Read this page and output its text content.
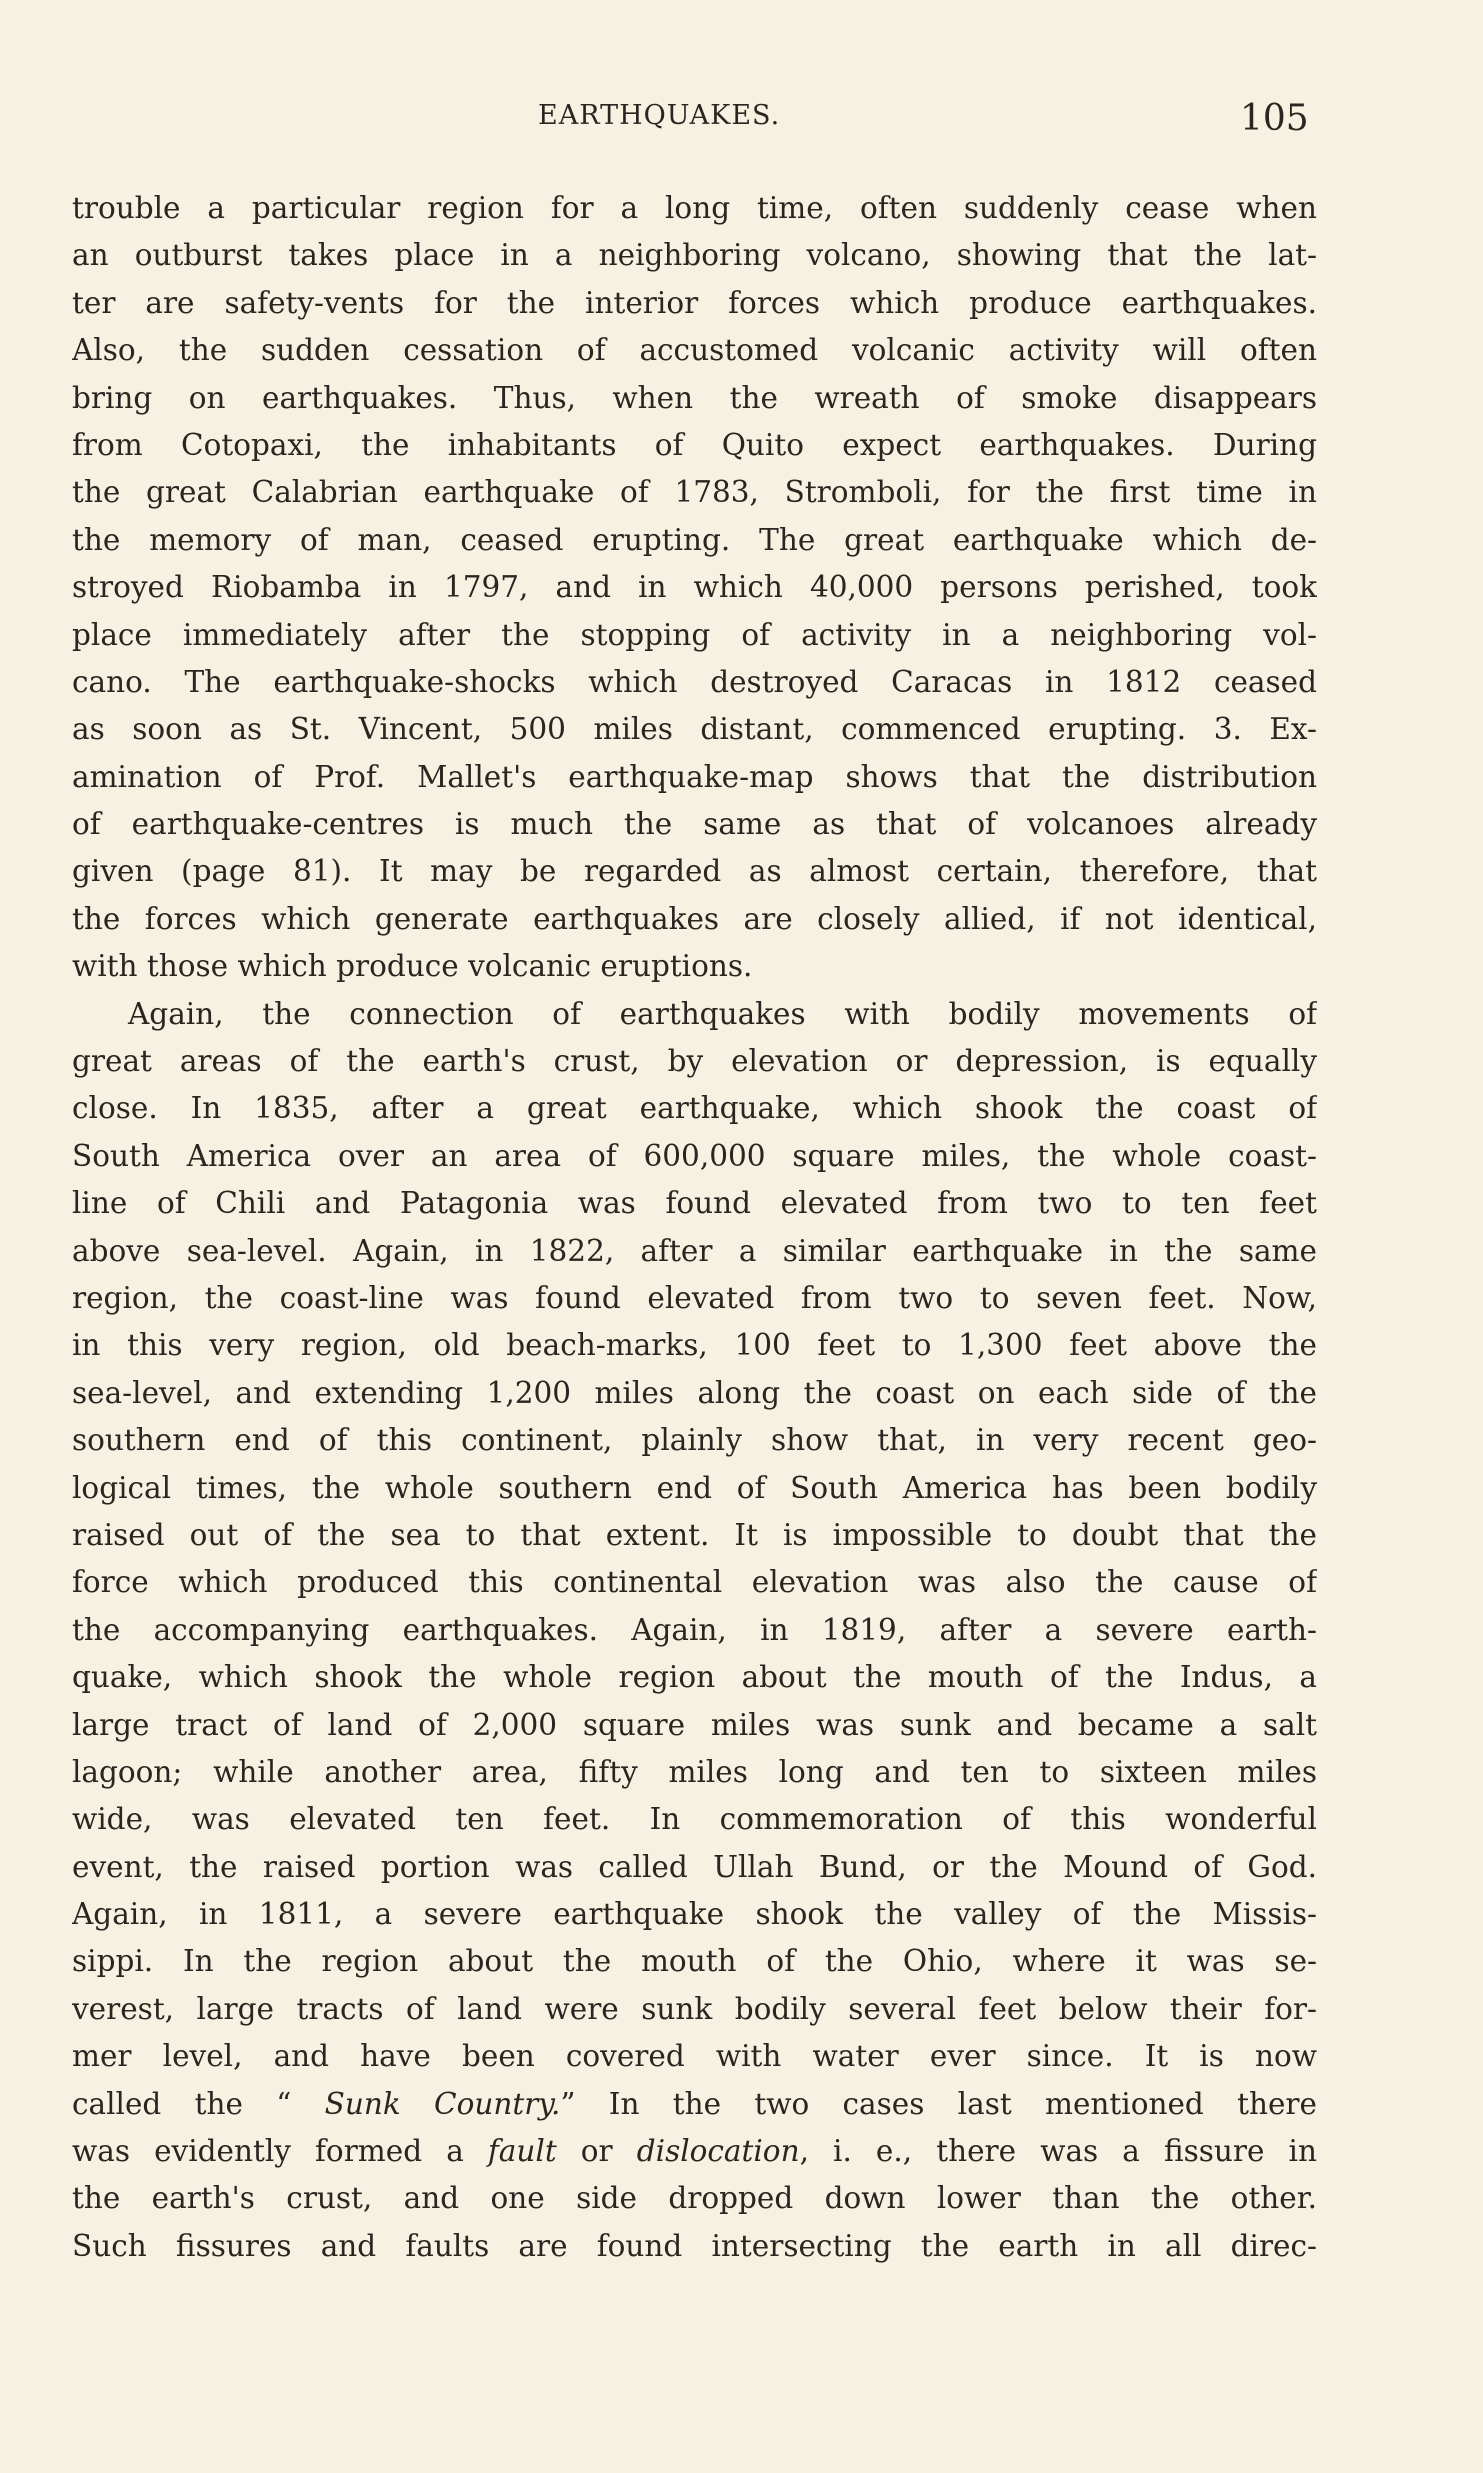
EARTHQUAKES.	105
trouble a particular region for a long time, often suddenly cease when
an outburst takes place in a neighboring volcano, showing that the lat-
ter are safety-vents for the interior forces which produce earthquakes.
Also, the sudden cessation of accustomed volcanic activity will often
bring on earthquakes. Thus, when the wreath of smoke disappears
from Cotopaxi, the inhabitants of Quito expect earthquakes. During
the great Calabrian earthquake of 1783, Stromboli, for the first time in
the memory of man, ceased erupting. The great earthquake which de-
stroyed Riobamba in 1797, and in which 40,000 persons perished, took
place immediately after the stopping of activity in a neighboring vol-
cano. The earthquake-shocks which destroyed Caracas in 1812 ceased
as soon as St. Vincent, 500 miles distant, commenced erupting. 3. Ex-
amination of Prof. Mallet's earthquake-map shows that the distribution
of earthquake-centres is much the same as that of volcanoes already
given (page 81). It may be regarded as almost certain, therefore, that
the forces which generate earthquakes are closely allied, if not identical,
with those which produce volcanic eruptions.
Again, the connection of earthquakes with bodily movements of
great areas of the earth's crust, by elevation or depression, is equally
close. In 1835, after a great earthquake, which shook the coast of
South America over an area of 600,000 square miles, the whole coast-
line of Chili and Patagonia was found elevated from two to ten feet
above sea-level. Again, in 1822, after a similar earthquake in the same
region, the coast-line was found elevated from two to seven feet. Now,
in this very region, old beach-marks, 100 feet to 1,300 feet above the
sea-level, and extending 1,200 miles along the coast on each side of the
southern end of this continent, plainly show that, in very recent geo-
logical times, the whole southern end of South America has been bodily
raised out of the sea to that extent. It is impossible to doubt that the
force which produced this continental elevation was also the cause of
the accompanying earthquakes. Again, in 1819, after a severe earth-
quake, which shook the whole region about the mouth of the Indus, a
large tract of land of 2,000 square miles was sunk and became a salt
lagoon; while another area, fifty miles long and ten to sixteen miles
wide, was elevated ten feet. In commemoration of this wonderful
event, the raised portion was called Ullah Bund, or the Mound of God.
Again, in 1811, a severe earthquake shook the valley of the Missis-
sippi. In the region about the mouth of the Ohio, where it was se-
verest, large tracts of land were sunk bodily several feet below their for-
mer level, and have been covered with water ever since. It is now
called the “ Sunk Country.” In the two cases last mentioned there
was evidently formed a fault or dislocation, i. e., there was a fissure in
the earth's crust, and one side dropped down lower than the other.
Such fissures and faults are found intersecting the earth in all direc-
